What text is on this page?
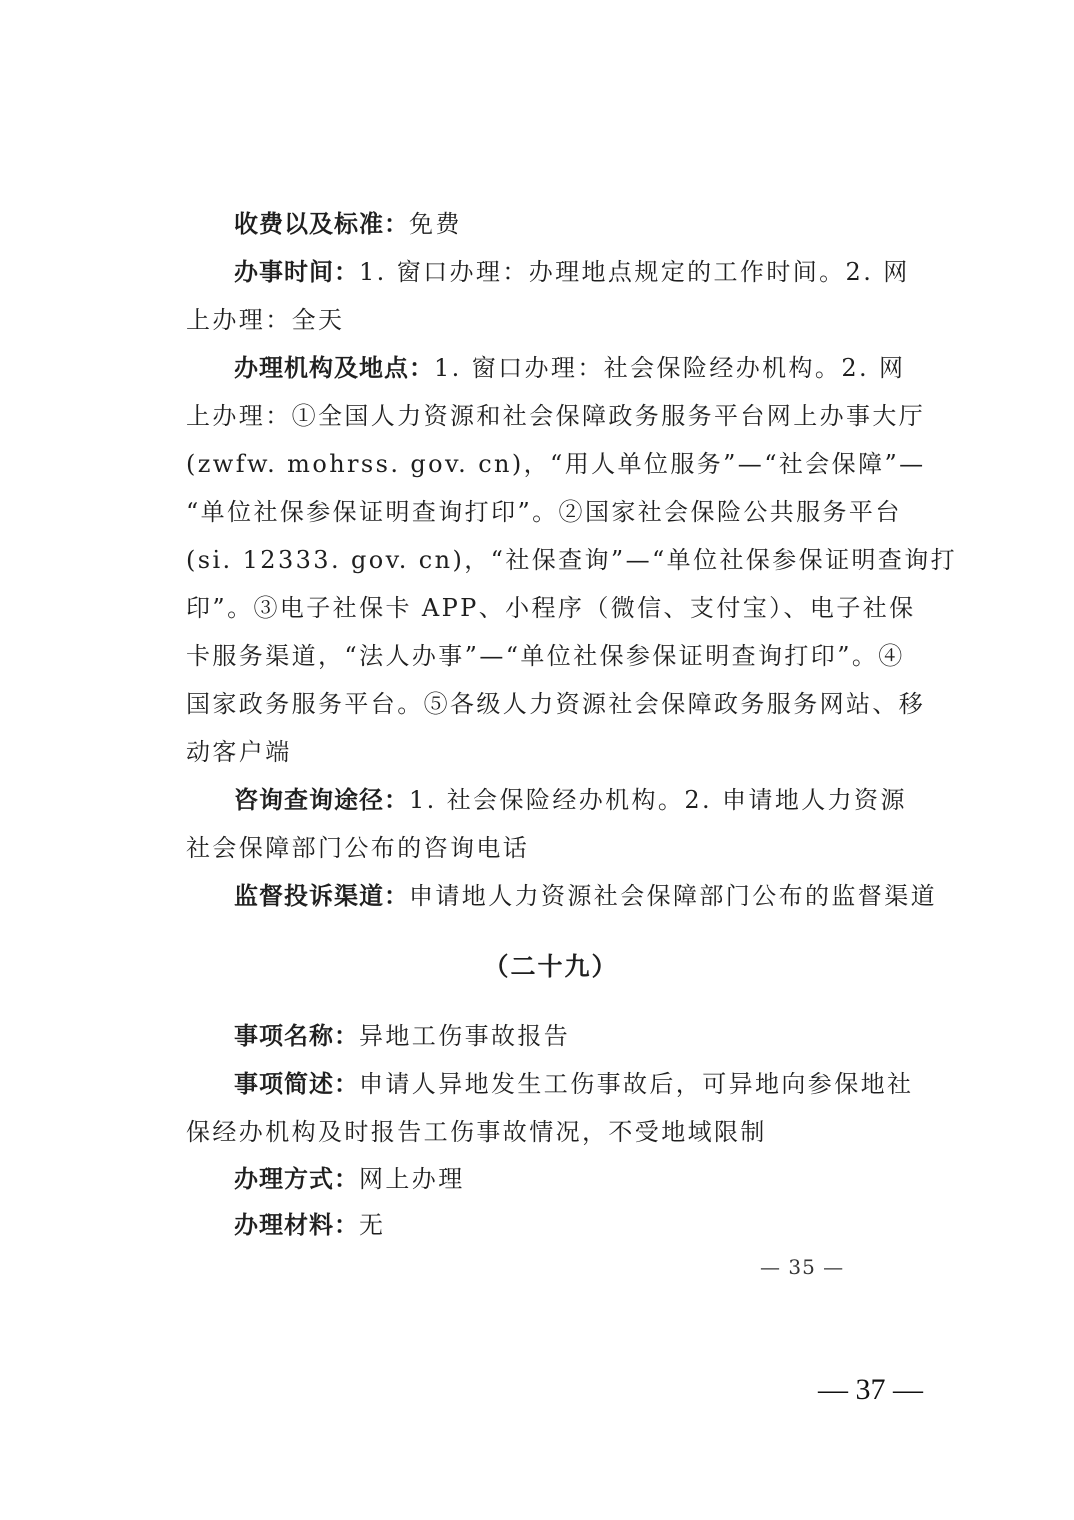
收费以及标准：免费
办事时间：1. 窗口办理：办理地点规定的工作时间。2. 网
上办理：全天
办理机构及地点：1. 窗口办理：社会保险经办机构。2. 网
上办理：①全国人力资源和社会保障政务服务平台网上办事大厅
(zwfw. mohrss. gov. cn)，“用人单位服务”—“社会保障”—
“单位社保参保证明查询打印”。②国家社会保险公共服务平台
(si. 12333. gov. cn)，“社保查询”—“单位社保参保证明查询打
印”。③电子社保卡 APP、小程序（微信、支付宝）、电子社保
卡服务渠道，“法人办事”—“单位社保参保证明查询打印”。④
国家政务服务平台。⑤各级人力资源社会保障政务服务网站、移
动客户端
咨询查询途径：1. 社会保险经办机构。2. 申请地人力资源
社会保障部门公布的咨询电话
监督投诉渠道：申请地人力资源社会保障部门公布的监督渠道
（二十九）
事项名称：异地工伤事故报告
事项简述：申请人异地发生工伤事故后，可异地向参保地社
保经办机构及时报告工伤事故情况，不受地域限制
办理方式：网上办理
办理材料：无
— 35 —
— 37 —
